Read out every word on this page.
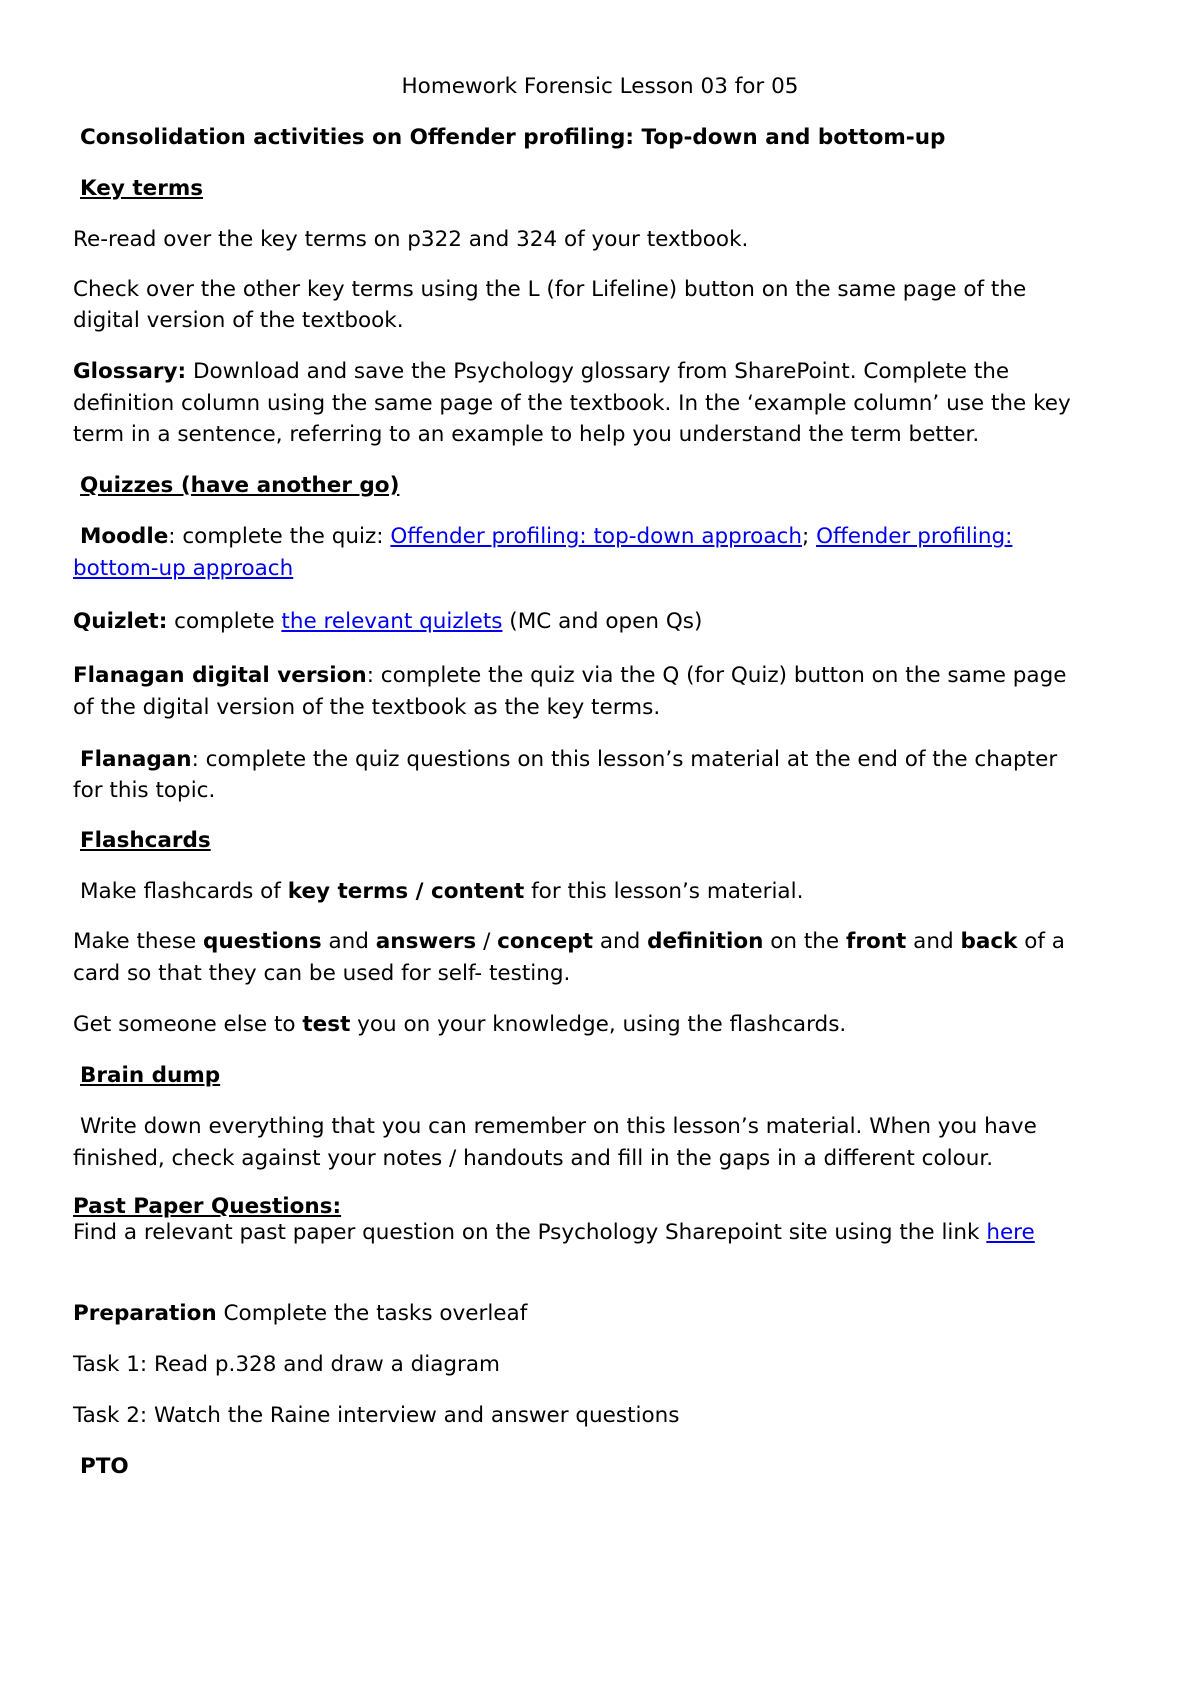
Homework Forensic Lesson 03 for 05

Consolidation activities on Offender profiling: Top-down and bottom-up

Key terms

Re-read over the key terms on p322 and 324 of your textbook.

Check over the other key terms using the L (for Lifeline) button on the same page of the

digital version of the textbook.

Glossary: Download and save the Psychology glossary from SharePoint. Complete the

definition column using the same page of the textbook. In the ‘example column’ use the key

term in a sentence, referring to an example to help you understand the term better.

Quizzes (have another go)

Moodle: complete the quiz: Offender profiling: top-down approach; Offender profiling:

bottom-up approach

Quizlet: complete the relevant quizlets (MC and open Qs)

Flanagan digital version: complete the quiz via the Q (for Quiz) button on the same page

of the digital version of the textbook as the key terms.

Flanagan: complete the quiz questions on this lesson’s material at the end of the chapter

for this topic.

Flashcards

Make flashcards of key terms / content for this lesson’s material.

Make these questions and answers / concept and definition on the front and back of a

card so that they can be used for self- testing.

Get someone else to test you on your knowledge, using the flashcards.

Brain dump

Write down everything that you can remember on this lesson’s material. When you have

finished, check against your notes / handouts and fill in the gaps in a different colour.

Past Paper Questions:

Find a relevant past paper question on the Psychology Sharepoint site using the link here

Preparation Complete the tasks overleaf

Task 1: Read p.328 and draw a diagram

Task 2: Watch the Raine interview and answer questions

PTO
